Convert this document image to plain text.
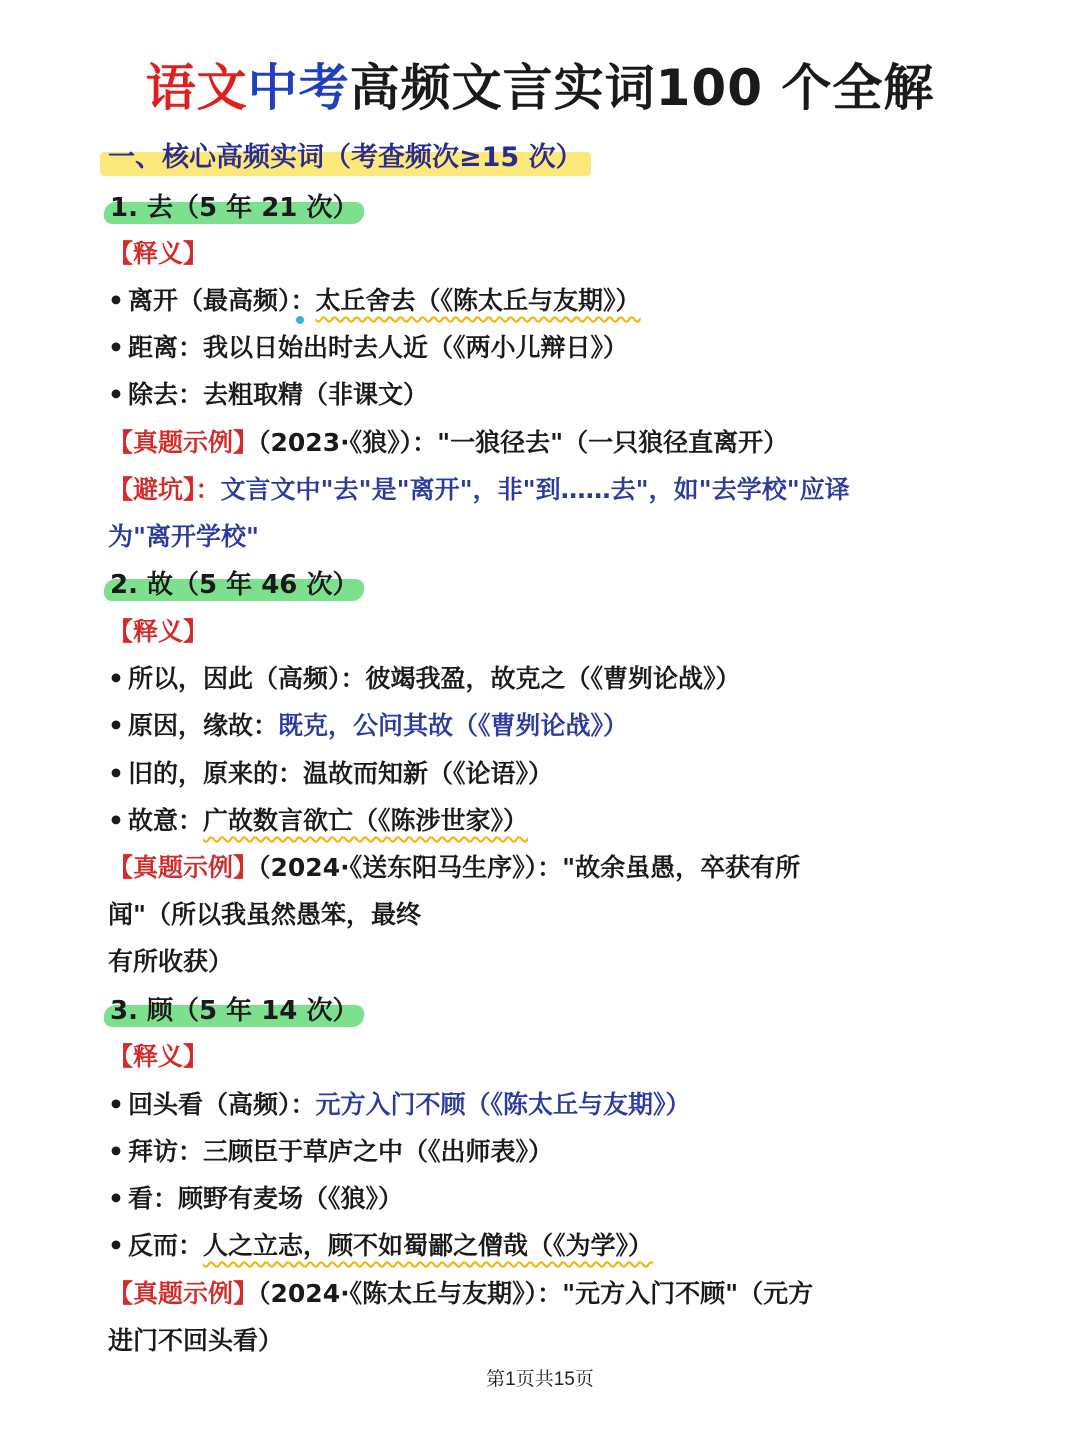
语文中考高频文言实词100 个全解
一、核心高频实词（考查频次≥15 次）
1. 去（5 年 21 次）
【释义】
• 离开（最高频）：太丘舍去（《陈太丘与友期》）
• 距离：我以日始出时去人近（《两小儿辩日》）
• 除去：去粗取精（非课文）
【真题示例】（2023·《狼》）："一狼径去"（一只狼径直离开）
【避坑】：文言文中"去"是"离开"，非"到……去"，如"去学校"应译
为"离开学校"
2. 故（5 年 46 次）
【释义】
• 所以，因此（高频）：彼竭我盈，故克之（《曹刿论战》）
• 原因，缘故：既克，公问其故（《曹刿论战》）
• 旧的，原来的：温故而知新（《论语》）
• 故意：广故数言欲亡（《陈涉世家》）
【真题示例】（2024·《送东阳马生序》）："故余虽愚，卒获有所
闻"（所以我虽然愚笨，最终
有所收获）
3. 顾（5 年 14 次）
【释义】
• 回头看（高频）：元方入门不顾（《陈太丘与友期》）
• 拜访：三顾臣于草庐之中（《出师表》）
• 看：顾野有麦场（《狼》）
• 反而：人之立志，顾不如蜀鄙之僧哉（《为学》）
【真题示例】（2024·《陈太丘与友期》）："元方入门不顾"（元方
进门不回头看）
第1页共15页
